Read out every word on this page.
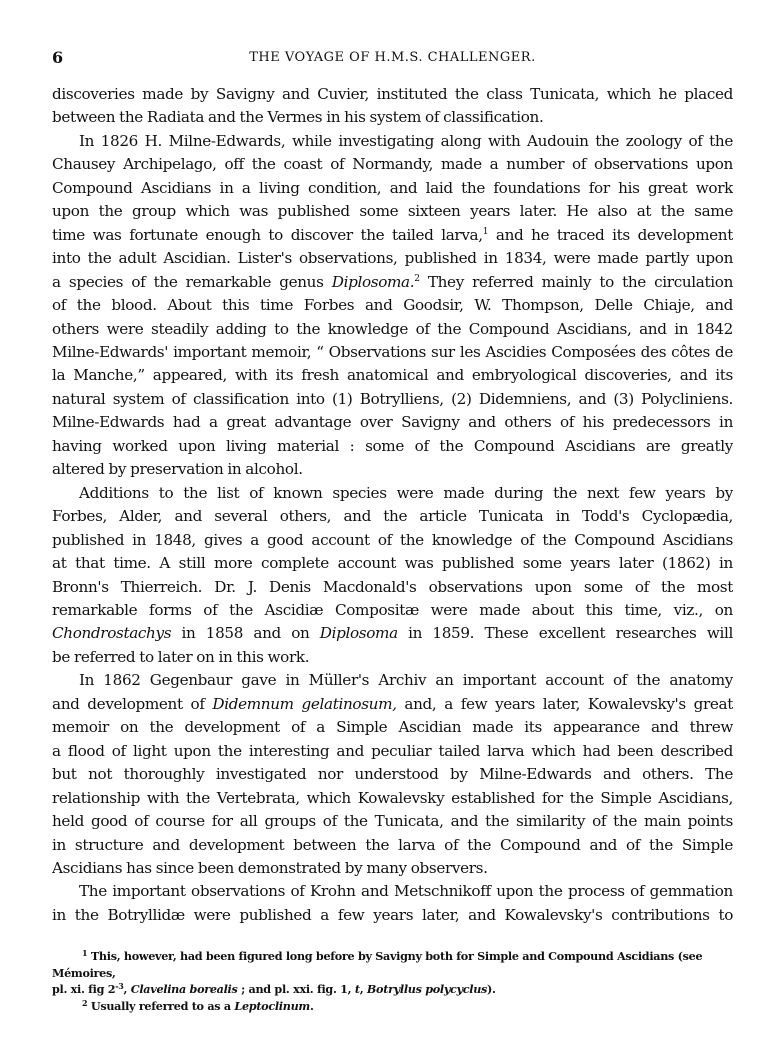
6	THE VOYAGE OF H.M.S. CHALLENGER.

discoveries made by Savigny and Cuvier, instituted the class Tunicata, which he placed
between the Radiata and the Vermes in his system of classification.

In 1826 H. Milne-Edwards, while investigating along with Audouin the zoology of the
Chausey Archipelago, off the coast of Normandy, made a number of observations upon
Compound Ascidians in a living condition, and laid the foundations for his great work
upon the group which was published some sixteen years later. He also at the same
time was fortunate enough to discover the tailed larva,$^1$ and he traced its development
into the adult Ascidian. Lister's observations, published in 1834, were made partly upon
a species of the remarkable genus Diplosoma.$^2$ They referred mainly to the circulation
of the blood. About this time Forbes and Goodsir, W. Thompson, Delle Chiaje, and
others were steadily adding to the knowledge of the Compound Ascidians, and in 1842
Milne-Edwards' important memoir, “ Observations sur les Ascidies Composées des côtes de
la Manche,” appeared, with its fresh anatomical and embryological discoveries, and its
natural system of classification into (1) Botrylliens, (2) Didemniens, and (3) Polycliniens.
Milne-Edwards had a great advantage over Savigny and others of his predecessors in
having worked upon living material : some of the Compound Ascidians are greatly
altered by preservation in alcohol.

Additions to the list of known species were made during the next few years by
Forbes, Alder, and several others, and the article Tunicata in Todd's Cyclopædia,
published in 1848, gives a good account of the knowledge of the Compound Ascidians
at that time. A still more complete account was published some years later (1862) in
Bronn's Thierreich. Dr. J. Denis Macdonald's observations upon some of the most
remarkable forms of the Ascidiæ Compositæ were made about this time, viz., on
Chondrostachys in 1858 and on Diplosoma in 1859. These excellent researches will
be referred to later on in this work.

In 1862 Gegenbaur gave in Müller's Archiv an important account of the anatomy
and development of Didemnum gelatinosum, and, a few years later, Kowalevsky's great
memoir on the development of a Simple Ascidian made its appearance and threw
a flood of light upon the interesting and peculiar tailed larva which had been described
but not thoroughly investigated nor understood by Milne-Edwards and others. The
relationship with the Vertebrata, which Kowalevsky established for the Simple Ascidians,
held good of course for all groups of the Tunicata, and the similarity of the main points
in structure and development between the larva of the Compound and of the Simple
Ascidians has since been demonstrated by many observers.

The important observations of Krohn and Metschnikoff upon the process of gemmation
in the Botryllidæ were published a few years later, and Kowalevsky's contributions to

$^1$ This, however, had been figured long before by Savigny both for Simple and Compound Ascidians (see Mémoires,
pl. xi. fig $2^{-3}$, Clavelina borealis ; and pl. xxi. fig. 1, t, Botryllus polycyclus).
$^2$ Usually referred to as a Leptoclinum.
